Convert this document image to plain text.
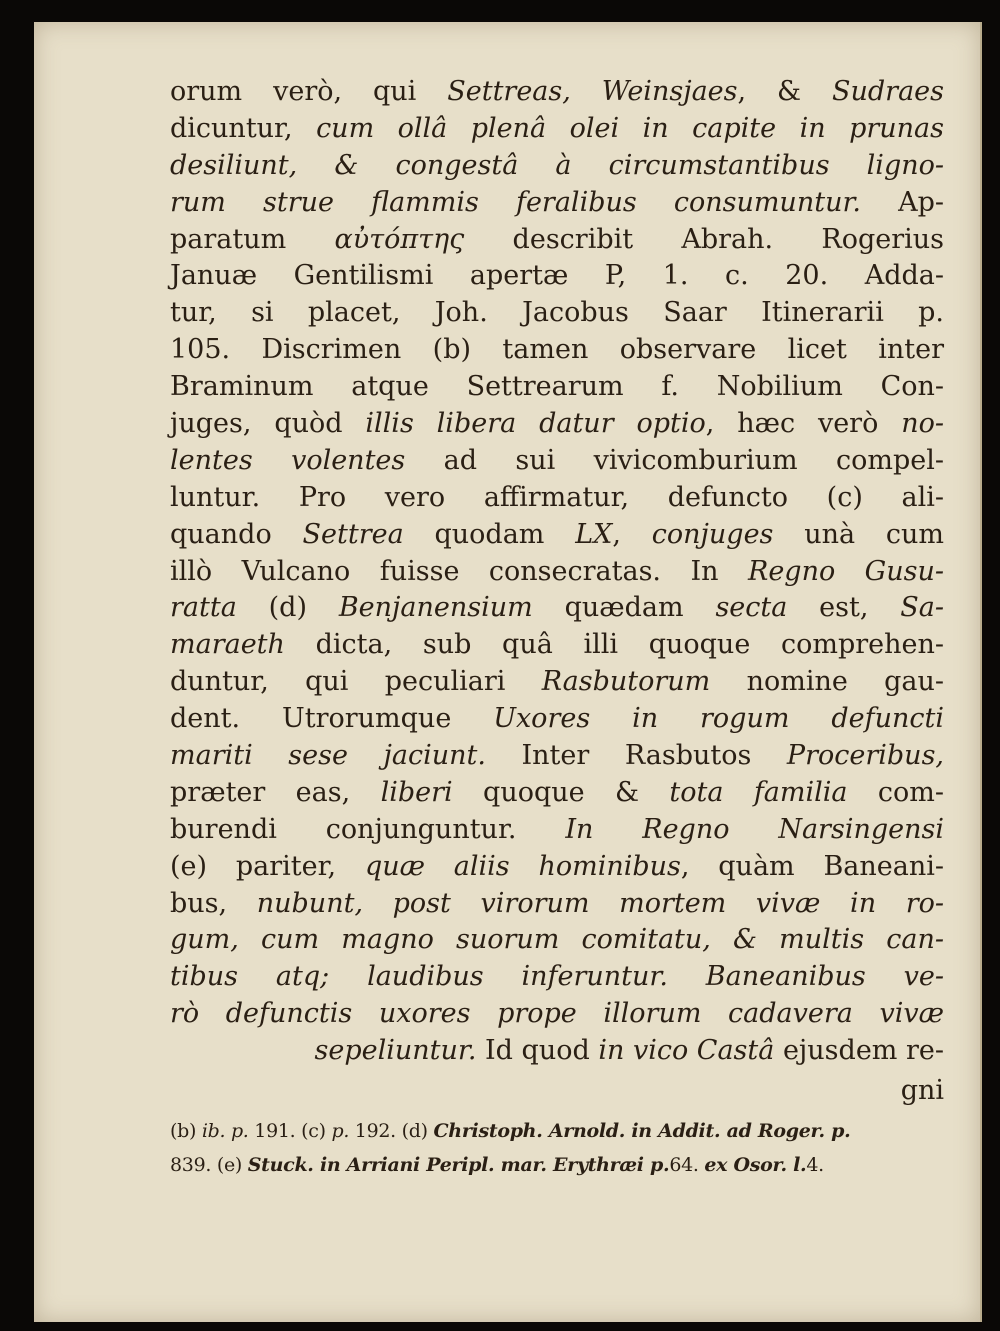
orum verò, qui Settreas, Weinsjaes, & Sudraes
dicuntur, cum ollâ plenâ olei in capite in prunas
desiliunt, & congestâ à circumstantibus ligno-
rum strue flammis feralibus consumuntur. Ap-
paratum αὐτόπτης describit Abrah. Rogerius
Januæ Gentilismi apertæ P, 1. c. 20. Adda-
tur, si placet, Joh. Jacobus Saar Itinerarii p.
105. Discrimen (b) tamen observare licet inter
Braminum atque Settrearum f. Nobilium Con-
juges, quòd illis libera datur optio, hæc verò no-
lentes volentes ad sui vivicomburium compel-
luntur. Pro vero affirmatur, defuncto (c) ali-
quando Settrea quodam LX, conjuges unà cum
illò Vulcano fuisse consecratas. In Regno Gusu-
ratta (d) Benjanensium quædam secta est, Sa-
maraeth dicta, sub quâ illi quoque comprehen-
duntur, qui peculiari Rasbutorum nomine gau-
dent. Utrorumque Uxores in rogum defuncti
mariti sese jaciunt. Inter Rasbutos Proceribus,
præter eas, liberi quoque & tota familia com-
burendi conjunguntur. In Regno Narsingensi
(e) pariter, quæ aliis hominibus, quàm Baneani-
bus, nubunt, post virorum mortem vivæ in ro-
gum, cum magno suorum comitatu, & multis can-
tibus atq; laudibus inferuntur. Baneanibus ve-
rò defunctis uxores prope illorum cadavera vivæ
sepeliuntur. Id quod in vico Castâ ejusdem re-
gni
(b) ib. p. 191. (c) p. 192. (d) Christoph. Arnold. in Addit. ad Roger. p.
839. (e) Stuck. in Arriani Peripl. mar. Erythræi p.64. ex Osor. l.4.
